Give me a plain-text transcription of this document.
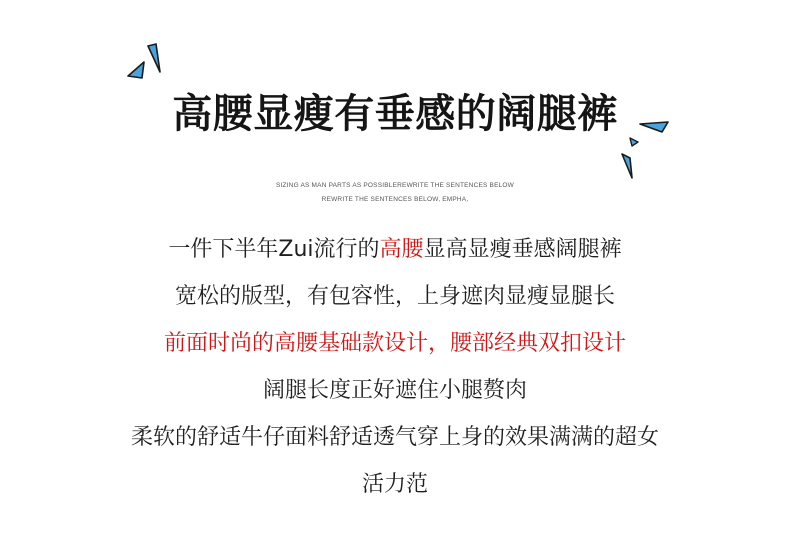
高腰显瘦有垂感的阔腿裤
SIZING AS MAN PARTS AS POSSIBLEREWRITE THE SENTENCES BELOW
REWRITE THE SENTENCES BELOW, EMPHA,
一件下半年Zui流行的高腰显高显瘦垂感阔腿裤
宽松的版型，有包容性，上身遮肉显瘦显腿长
前面时尚的高腰基础款设计，腰部经典双扣设计
阔腿长度正好遮住小腿赘肉
柔软的舒适牛仔面料舒适透气穿上身的效果满满的超女
活力范
